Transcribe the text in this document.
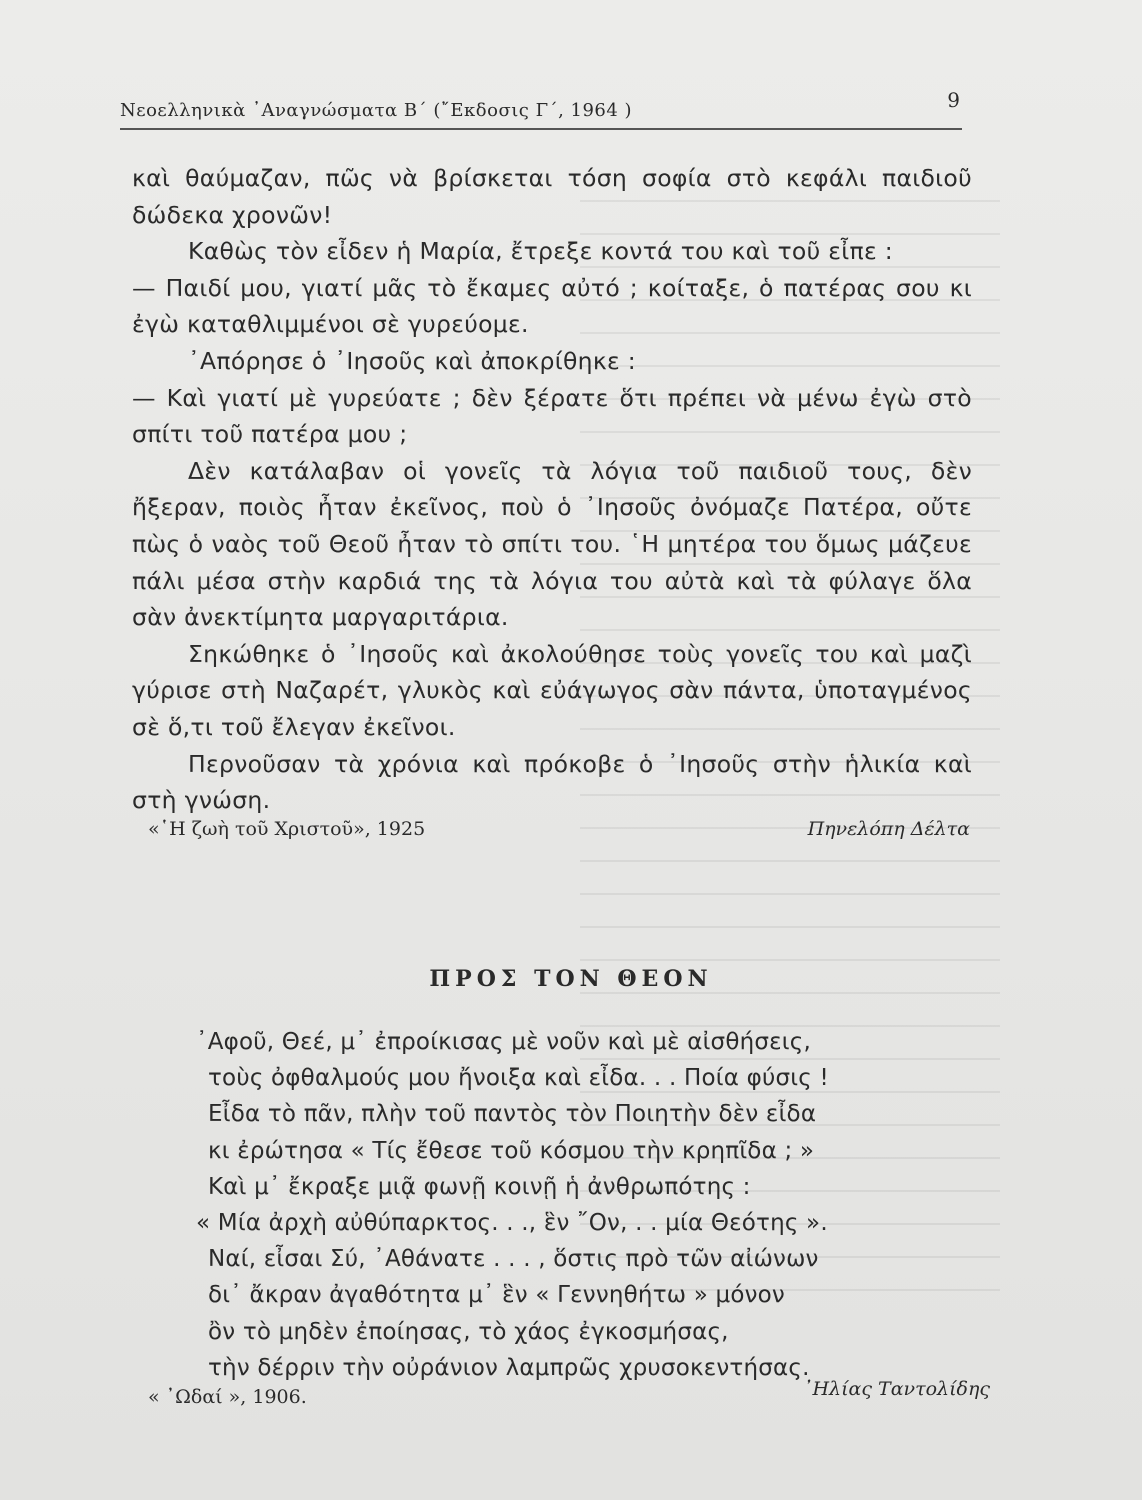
Νεοελληνικὰ ᾿Αναγνώσματα Β΄ (῎Εκδοσις Γ΄, 1964 )	9

καὶ θαύμαζαν, πῶς νὰ βρίσκεται τόση σοφία στὸ κεφάλι παιδιοῦ δώδεκα χρονῶν!

Καθὼς τὸν εἶδεν ἡ Μαρία, ἔτρεξε κοντά του καὶ τοῦ εἶπε :

— Παιδί μου, γιατί μᾶς τὸ ἔκαμες αὐτό ; κοίταξε, ὁ πατέρας σου κι ἐγὼ καταθλιμμένοι σὲ γυρεύομε.

᾿Απόρησε ὁ ᾿Ιησοῦς καὶ ἀποκρίθηκε :

— Καὶ γιατί μὲ γυρεύατε ; δὲν ξέρατε ὅτι πρέπει νὰ μένω ἐγὼ στὸ σπίτι τοῦ πατέρα μου ;

Δὲν κατάλαβαν οἱ γονεῖς τὰ λόγια τοῦ παιδιοῦ τους, δὲν ἤξεραν, ποιὸς ἦταν ἐκεῖνος, ποὺ ὁ ᾿Ιησοῦς ὀνόμαζε Πατέρα, οὔτε πὼς ὁ ναὸς τοῦ Θεοῦ ἦταν τὸ σπίτι του. ῾Η μητέρα του ὅμως μάζευε πάλι μέσα στὴν καρδιά της τὰ λόγια του αὐτὰ καὶ τὰ φύλαγε ὅλα σὰν ἀνεκτίμητα μαργαριτάρια.

Σηκώθηκε ὁ ᾿Ιησοῦς καὶ ἀκολούθησε τοὺς γονεῖς του καὶ μαζὶ γύρισε στὴ Ναζαρέτ, γλυκὸς καὶ εὐάγωγος σὰν πάντα, ὑποταγμένος σὲ ὅ,τι τοῦ ἔλεγαν ἐκεῖνοι.

Περνοῦσαν τὰ χρόνια καὶ πρόκοβε ὁ ᾿Ιησοῦς στὴν ἡλικία καὶ στὴ γνώση.

«῾Η ζωὴ τοῦ Χριστοῦ», 1925	Πηνελόπη Δέλτα
ΠΡΟΣ ΤΟΝ ΘΕΟΝ
᾿Αφοῦ, Θεέ, μ᾿ ἐπροίκισας μὲ νοῦν καὶ μὲ αἰσθήσεις,
τοὺς ὀφθαλμούς μου ἤνοιξα καὶ εἶδα. . . Ποία φύσις !
Εἶδα τὸ πᾶν, πλὴν τοῦ παντὸς τὸν Ποιητὴν δὲν εἶδα
κι ἐρώτησα « Τίς ἔθεσε τοῦ κόσμου τὴν κρηπῖδα ; »
Καὶ μ᾿ ἔκραξε μιᾷ φωνῇ κοινῇ ἡ ἀνθρωπότης :
« Μία ἀρχὴ αὐθύπαρκτος. . ., ἓν ῎Ον, . . μία Θεότης ».
Ναί, εἶσαι Σύ, ᾿Αθάνατε . . . , ὅστις πρὸ τῶν αἰώνων
δι᾿ ἄκραν ἀγαθότητα μ᾿ ἓν « Γεννηθήτω » μόνον
ὂν τὸ μηδὲν ἐποίησας, τὸ χάος ἐγκοσμήσας,
τὴν δέρριν τὴν οὐράνιον λαμπρῶς χρυσοκεντήσας.
« ᾿Ωδαί », 1906.	᾿Ηλίας Ταντολίδης
